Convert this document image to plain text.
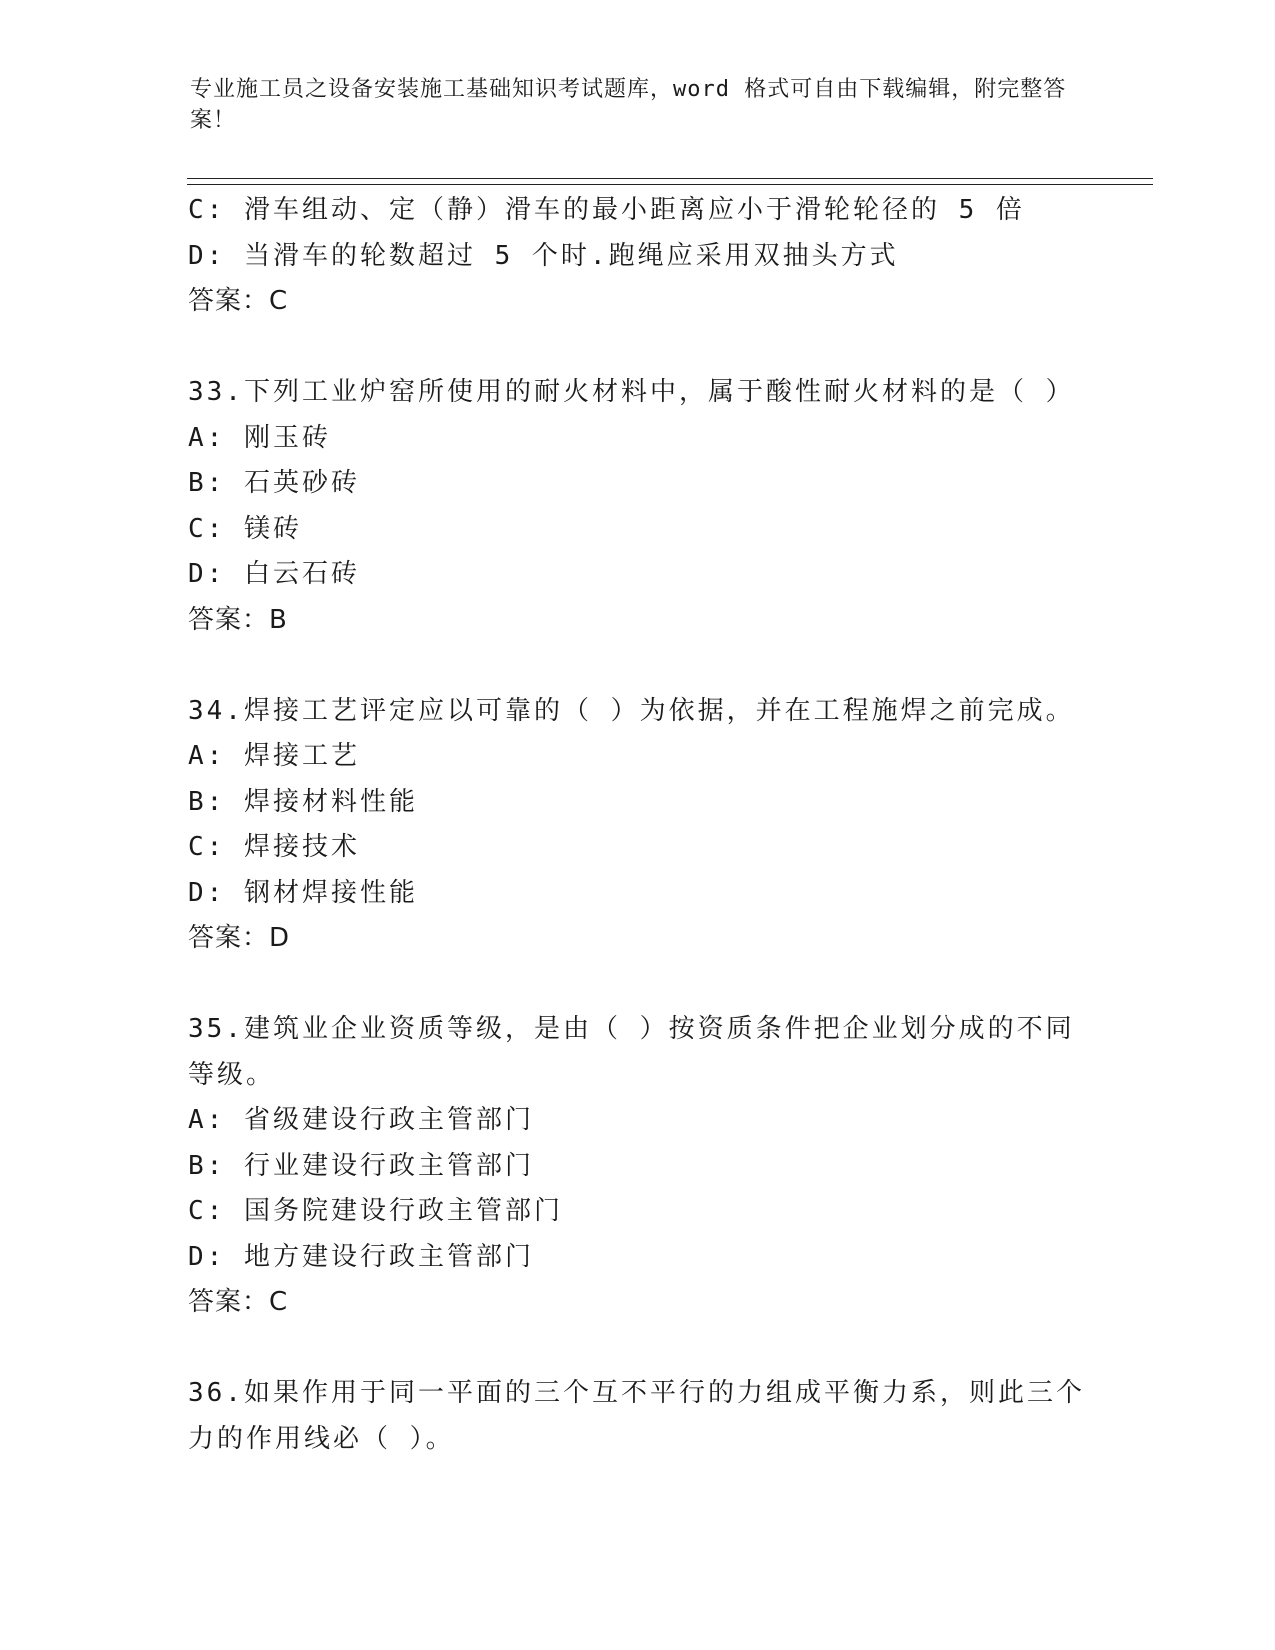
专业施工员之设备安装施工基础知识考试题库，word 格式可自由下载编辑，附完整答案！
C: 滑车组动、定（静）滑车的最小距离应小于滑轮轮径的 5 倍
D: 当滑车的轮数超过 5 个时.跑绳应采用双抽头方式
答案：C
33.下列工业炉窑所使用的耐火材料中，属于酸性耐火材料的是（ ）
A: 刚玉砖
B: 石英砂砖
C: 镁砖
D: 白云石砖
答案：B
34.焊接工艺评定应以可靠的（ ）为依据，并在工程施焊之前完成。
A: 焊接工艺
B: 焊接材料性能
C: 焊接技术
D: 钢材焊接性能
答案：D
35.建筑业企业资质等级，是由（ ）按资质条件把企业划分成的不同
等级。
A: 省级建设行政主管部门
B: 行业建设行政主管部门
C: 国务院建设行政主管部门
D: 地方建设行政主管部门
答案：C
36.如果作用于同一平面的三个互不平行的力组成平衡力系，则此三个
力的作用线必（ ）。
